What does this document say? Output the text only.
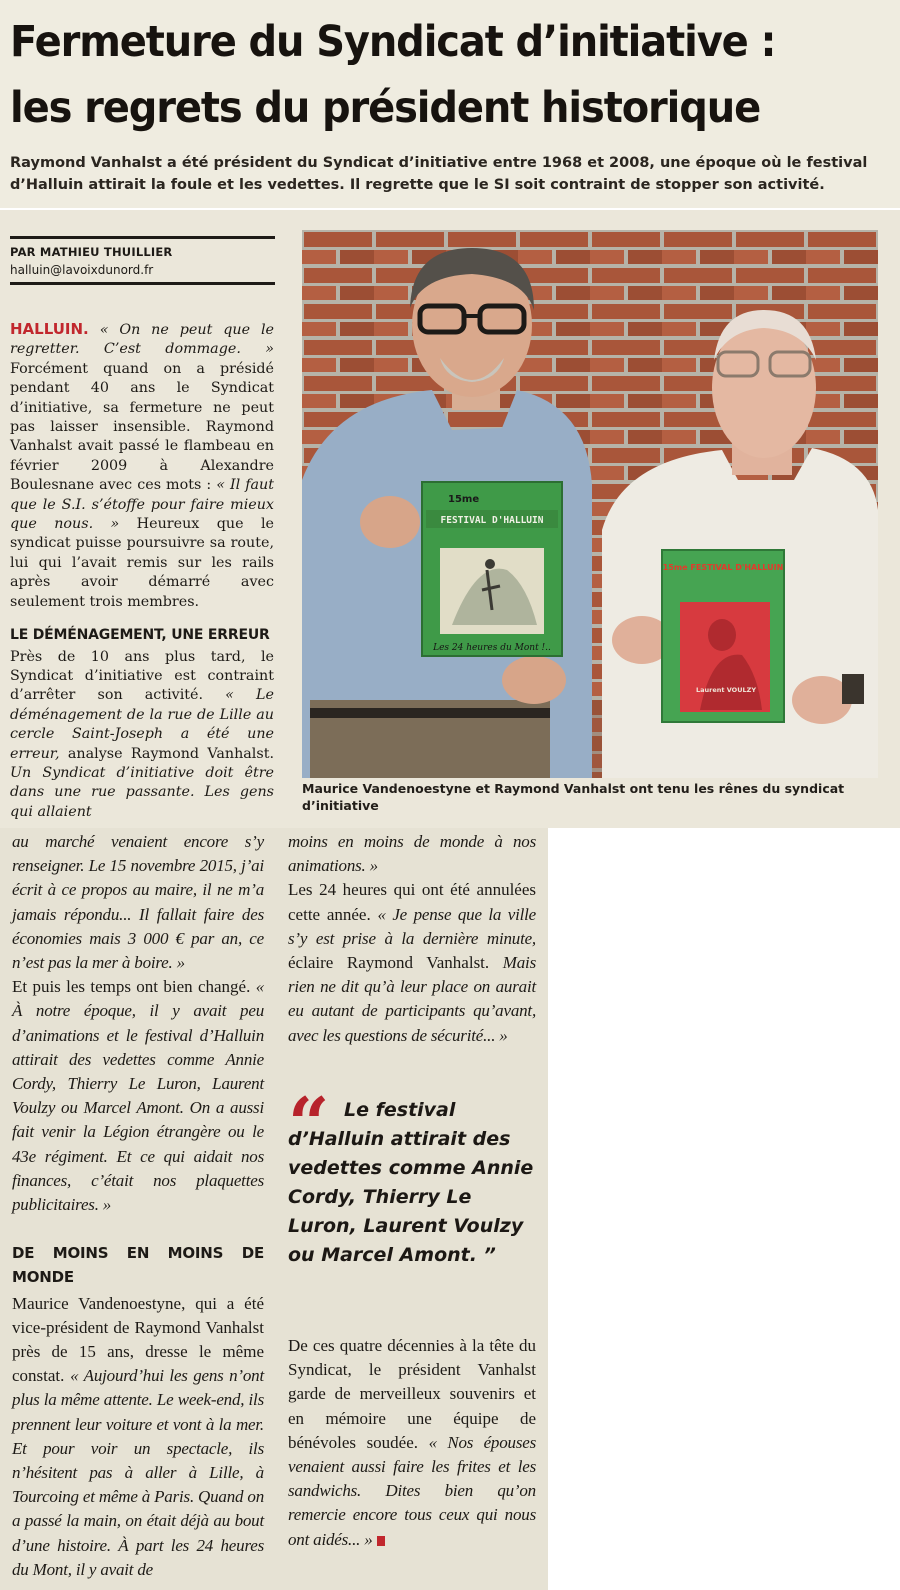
Fermeture du Syndicat d’initiative :
les regrets du président historique

Raymond Vanhalst a été président du Syndicat d’initiative entre 1968 et 2008, une époque où le festival d’Halluin attirait la foule et les vedettes. Il regrette que le SI soit contraint de stopper son activité.

PAR MATHIEU THUILLIER
halluin@lavoixdunord.fr

HALLUIN. « On ne peut que le regretter. C’est dommage. » Forcément quand on a présidé pendant 40 ans le Syndicat d’initiative, sa fermeture ne peut pas laisser insensible. Raymond Vanhalst avait passé le flambeau en février 2009 à Alexandre Boulesnane avec ces mots : « Il faut que le S.I. s’étoffe pour faire mieux que nous. » Heureux que le syndicat puisse poursuivre sa route, lui qui l’avait remis sur les rails après avoir démarré avec seulement trois membres.

LE DÉMÉNAGEMENT, UNE ERREUR

Près de 10 ans plus tard, le Syndicat d’initiative est contraint d’arrêter son activité. « Le déménagement de la rue de Lille au cercle Saint-Joseph a été une erreur, analyse Raymond Vanhalst. Un Syndicat d’initiative doit être dans une rue passante. Les gens qui allaient

15me
FESTIVAL D'HALLUIN
Les 24 heures du Mont !..
15me FESTIVAL D'HALLUIN
Laurent VOULZY
Maurice Vandenoestyne et Raymond Vanhalst ont tenu les rênes du syndicat d’initiative

au marché venaient encore s’y renseigner. Le 15 novembre 2015, j’ai écrit à ce propos au maire, il ne m’a jamais répondu... Il fallait faire des économies mais 3 000 € par an, ce n’est pas la mer à boire. »

Et puis les temps ont bien changé. « À notre époque, il y avait peu d’animations et le festival d’Halluin attirait des vedettes comme Annie Cordy, Thierry Le Luron, Laurent Voulzy ou Marcel Amont. On a aussi fait venir la Légion étrangère ou le 43e régiment. Et ce qui aidait nos finances, c’était nos plaquettes publicitaires. »

DE MOINS EN MOINS DE MONDE

Maurice Vandenoestyne, qui a été vice-président de Raymond Vanhalst près de 15 ans, dresse le même constat. « Aujourd’hui les gens n’ont plus la même attente. Le week-end, ils prennent leur voiture et vont à la mer. Et pour voir un spectacle, ils n’hésitent pas à aller à Lille, à Tourcoing et même à Paris. Quand on a passé la main, on était déjà au bout d’une histoire. À part les 24 heures du Mont, il y avait de

moins en moins de monde à nos animations. »

Les 24 heures qui ont été annulées cette année. « Je pense que la ville s’y est prise à la dernière minute, éclaire Raymond Vanhalst. Mais rien ne dit qu’à leur place on aurait eu autant de participants qu’avant, avec les questions de sécurité... »

“ Le festival d’Halluin attirait des vedettes comme Annie Cordy, Thierry Le Luron, Laurent Voulzy ou Marcel Amont. ”

De ces quatre décennies à la tête du Syndicat, le président Vanhalst garde de merveilleux souvenirs et en mémoire une équipe de bénévoles soudée. « Nos épouses venaient aussi faire les frites et les sandwichs. Dites bien qu’on remercie encore tous ceux qui nous ont aidés... »
